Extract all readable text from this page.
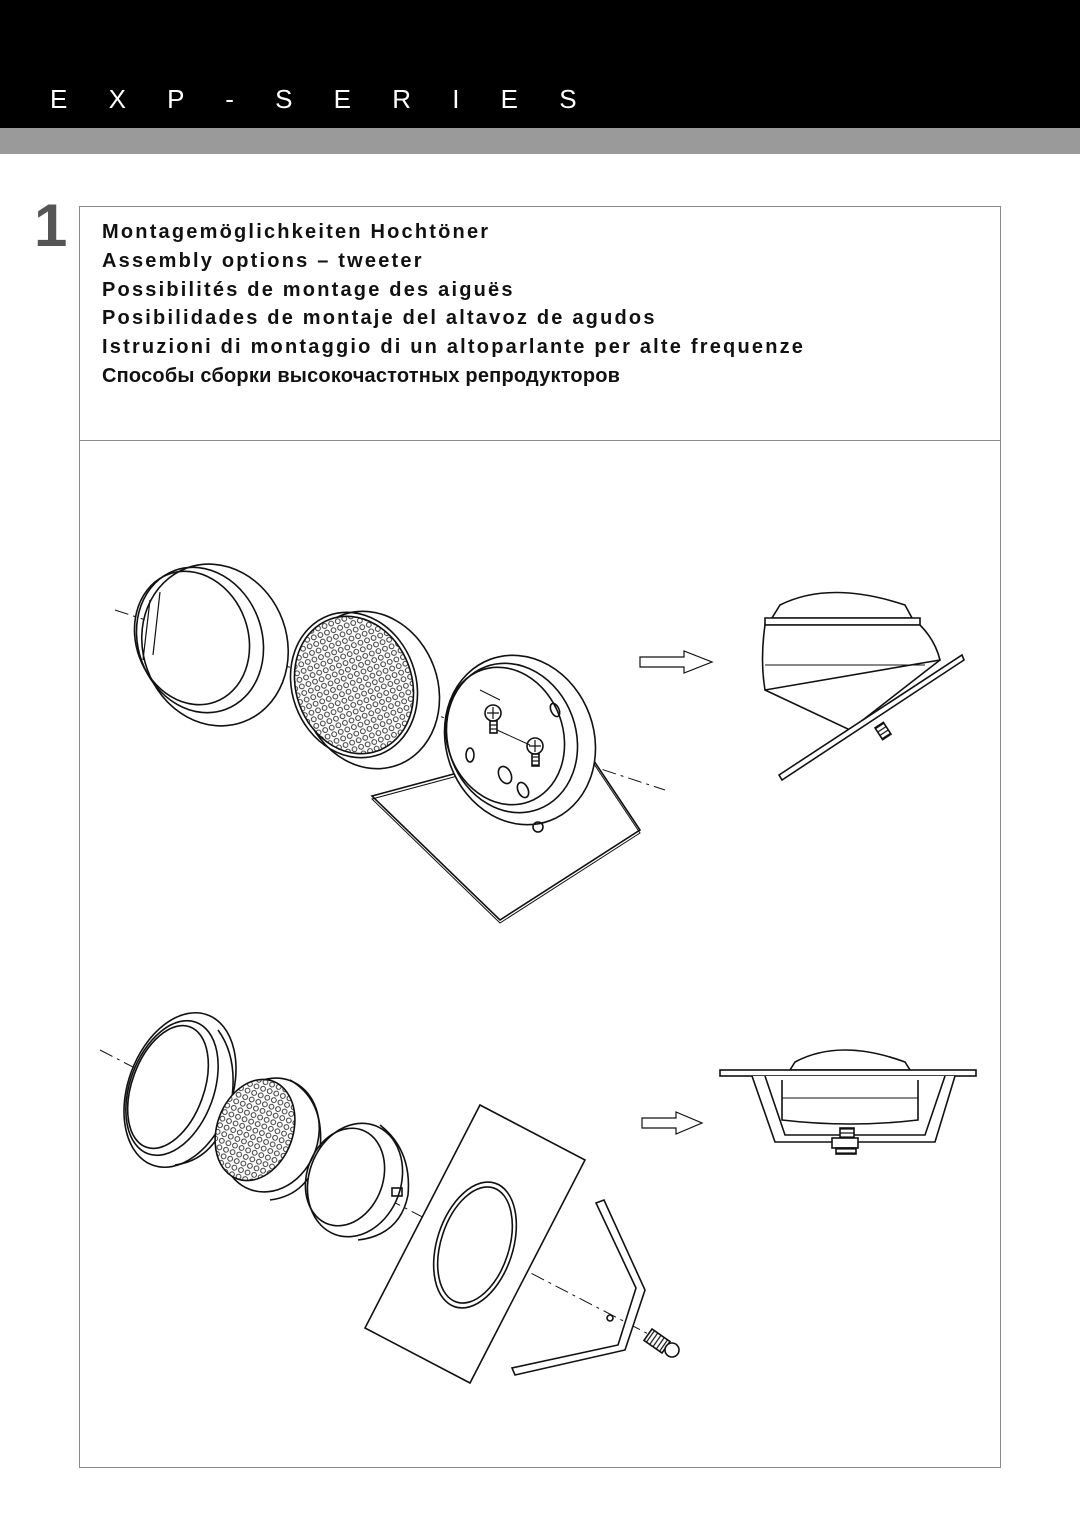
E X P - S E R I E S
1 Montagemöglichkeiten Hochtöner
Assembly options – tweeter
Possibilités de montage des aiguës
Posibilidades de montaje del altavoz de agudos
Istruzioni di montaggio di un altoparlante per alte frequenze
Способы сборки высокочастотных репродукторов
